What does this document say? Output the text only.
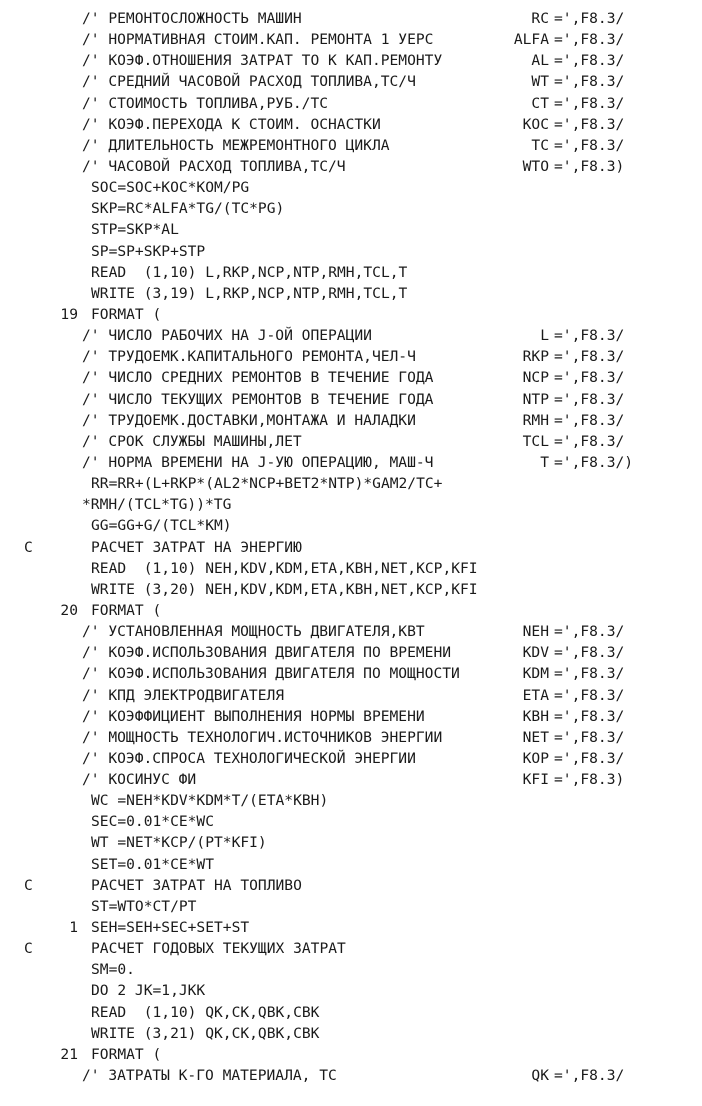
/' РЕМОНТОСЛОЖНОСТЬ МАШИН	RC =',F8.3/
/' НОРМАТИВНАЯ СТОИМ.КАП. РЕМОНТА 1 УЕРС	ALFA =',F8.3/
/' КОЭФ.ОТНОШЕНИЯ ЗАТРАТ ТО К КАП.РЕМОНТУ	AL =',F8.3/
/' СРЕДНИЙ ЧАСОВОЙ РАСХОД ТОПЛИВА,ТС/Ч	WT =',F8.3/
/' СТОИМОСТЬ ТОПЛИВА,РУБ./ТС	CT =',F8.3/
/' КОЭФ.ПЕРЕХОДА К СТОИМ. ОСНАСТКИ	KOC =',F8.3/
/' ДЛИТЕЛЬНОСТЬ МЕЖРЕМОНТНОГО ЦИКЛА	TC =',F8.3/
/' ЧАСОВОЙ РАСХОД ТОПЛИВА,ТС/Ч	WTO =',F8.3)
SOC=SOC+KOC*KOM/PG
SKP=RC*ALFA*TG/(TC*PG)
STP=SKP*AL
SP=SP+SKP+STP
READ  (1,10) L,RKP,NCP,NTP,RMH,TCL,T
WRITE (3,19) L,RKP,NCP,NTP,RMH,TCL,T
19 FORMAT (
/' ЧИСЛО РАБОЧИХ НА J-ОЙ ОПЕРАЦИИ	L =',F8.3/
/' ТРУДОЕМК.КАПИТАЛЬНОГО РЕМОНТА,ЧЕЛ-Ч	RKP =',F8.3/
/' ЧИСЛО СРЕДНИХ РЕМОНТОВ В ТЕЧЕНИЕ ГОДА	NCP =',F8.3/
/' ЧИСЛО ТЕКУЩИХ РЕМОНТОВ В ТЕЧЕНИЕ ГОДА	NTP =',F8.3/
/' ТРУДОЕМК.ДОСТАВКИ,МОНТАЖА И НАЛАДКИ	RMH =',F8.3/
/' СРОК СЛУЖБЫ МАШИНЫ,ЛЕТ	TCL =',F8.3/
/' НОРМА ВРЕМЕНИ НА J-УЮ ОПЕРАЦИЮ, МАШ-Ч	T =',F8.3/)
RR=RR+(L+RKP*(AL2*NCP+BET2*NTP)*GAM2/TC+
*RMH/(TCL*TG))*TG
GG=GG+G/(TCL*KM)
C	РАСЧЕТ ЗАТРАТ НА ЭНЕРГИЮ
READ  (1,10) NEH,KDV,KDM,ETA,KBH,NET,KCP,KFI
WRITE (3,20) NEH,KDV,KDM,ETA,KBH,NET,KCP,KFI
20 FORMAT (
/' УСТАНОВЛЕННАЯ МОЩНОСТЬ ДВИГАТЕЛЯ,КВТ	NEH =',F8.3/
/' КОЭФ.ИСПОЛЬЗОВАНИЯ ДВИГАТЕЛЯ ПО ВРЕМЕНИ	KDV =',F8.3/
/' КОЭФ.ИСПОЛЬЗОВАНИЯ ДВИГАТЕЛЯ ПО МОЩНОСТИ	KDM =',F8.3/
/' КПД ЭЛЕКТРОДВИГАТЕЛЯ	ETA =',F8.3/
/' КОЭФФИЦИЕНТ ВЫПОЛНЕНИЯ НОРМЫ ВРЕМЕНИ	KBH =',F8.3/
/' МОЩНОСТЬ ТЕХНОЛОГИЧ.ИСТОЧНИКОВ ЭНЕРГИИ	NET =',F8.3/
/' КОЭФ.СПРОСА ТЕХНОЛОГИЧЕСКОЙ ЭНЕРГИИ	KOP =',F8.3/
/' КОСИНУС ФИ	KFI =',F8.3)
WC =NEH*KDV*KDM*T/(ETA*KBH)
SEC=0.01*CE*WC
WT =NET*KCP/(PT*KFI)
SET=0.01*CE*WT
C	РАСЧЕТ ЗАТРАТ НА ТОПЛИВО
ST=WTO*CT/PT
1 SEH=SEH+SEC+SET+ST
C	РАСЧЕТ ГОДОВЫХ ТЕКУЩИХ ЗАТРАТ
SM=0.
DO 2 JK=1,JKK
READ  (1,10) QK,CK,QBK,CBK
WRITE (3,21) QK,CK,QBK,CBK
21 FORMAT (
/' ЗАТРАТЫ К-ГО МАТЕРИАЛА, ТС	QK =',F8.3/
